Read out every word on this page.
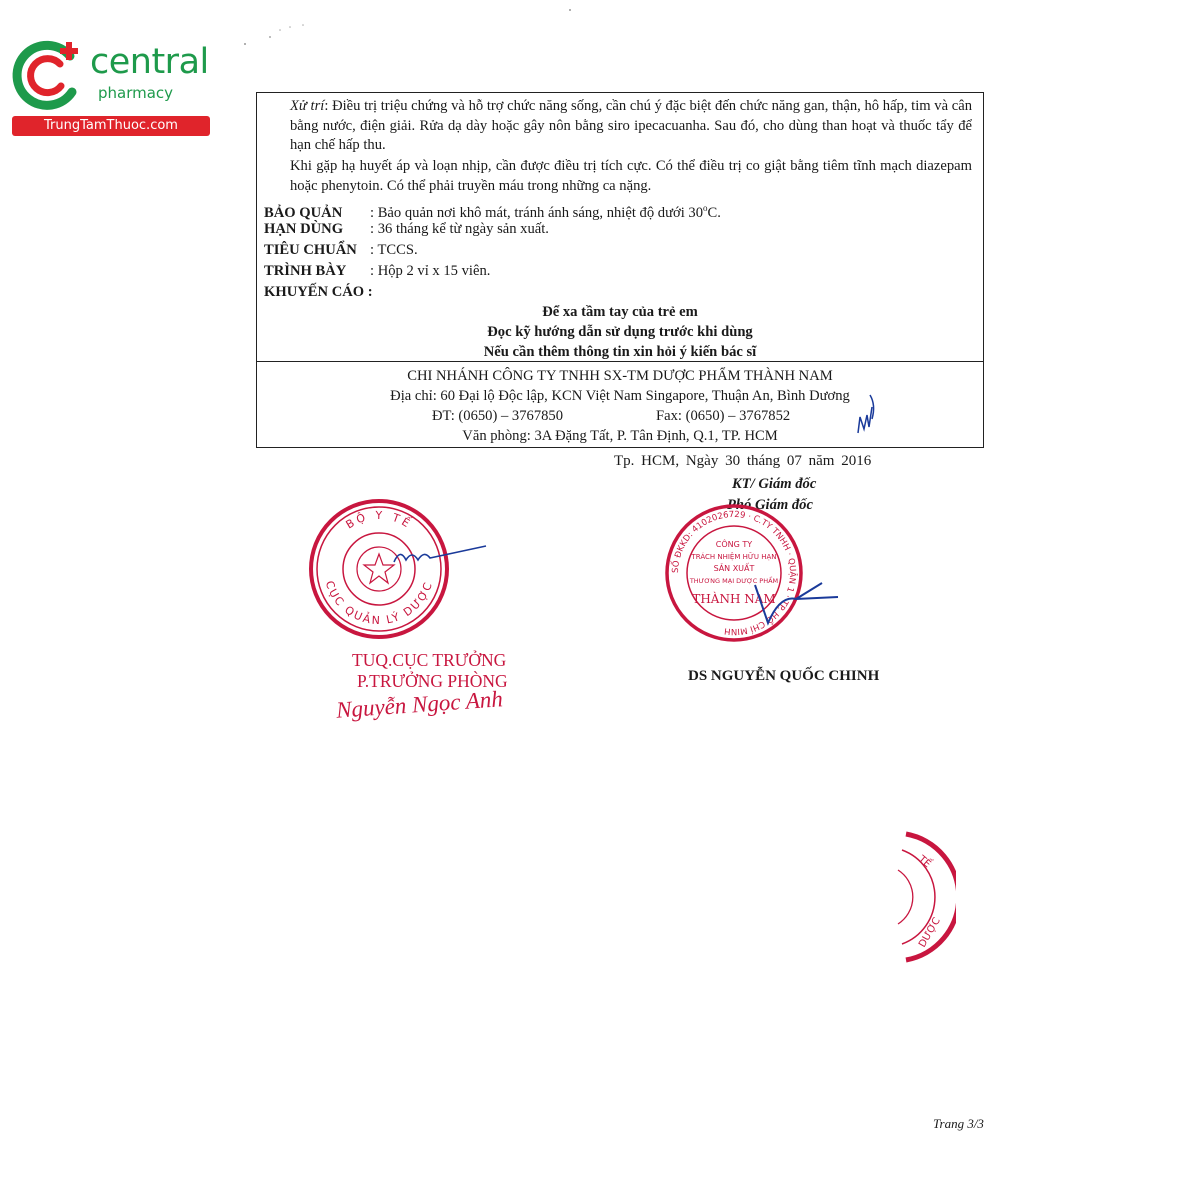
central
pharmacy
TrungTamThuoc.com
Xử trí: Điều trị triệu chứng và hỗ trợ chức năng sống, cần chú ý đặc biệt đến chức năng gan, thận, hô hấp, tim và cân bằng nước, điện giải. Rửa dạ dày hoặc gây nôn bằng siro ipecacuanha. Sau đó, cho dùng than hoạt và thuốc tẩy để hạn chế hấp thu.
Khi gặp hạ huyết áp và loạn nhịp, cần được điều trị tích cực. Có thể điều trị co giật bằng tiêm tĩnh mạch diazepam hoặc phenytoin. Có thể phải truyền máu trong những ca nặng.
BẢO QUẢN : Bảo quản nơi khô mát, tránh ánh sáng, nhiệt độ dưới 30$^o$C.
HẠN DÙNG : 36 tháng kể từ ngày sản xuất.
TIÊU CHUẨN : TCCS.
TRÌNH BÀY : Hộp 2 vỉ x 15 viên.
KHUYẾN CÁO :
Để xa tầm tay của trẻ em
Đọc kỹ hướng dẫn sử dụng trước khi dùng
Nếu cần thêm thông tin xin hỏi ý kiến bác sĩ
CHI NHÁNH CÔNG TY TNHH SX-TM DƯỢC PHẨM THÀNH NAM
Địa chỉ: 60 Đại lộ Độc lập, KCN Việt Nam Singapore, Thuận An, Bình Dương
ĐT: (0650) – 3767850	Fax: (0650) – 3767852
Văn phòng: 3A Đặng Tất, P. Tân Định, Q.1, TP. HCM
Tp. HCM, Ngày 30 tháng 07 năm 2016
KT/ Giám đốc
Phó Giám đốc
BỘ Y TẾ
CỤC QUẢN LÝ DƯỢC
TUQ.CỤC TRƯỞNG
P.TRƯỞNG PHÒNG
Nguyễn Ngọc Anh
SỐ ĐKKD: 4102026729 · C.TY TNHH · QUẬN 1 · TP. HỒ CHÍ MINH
CÔNG TY
TRÁCH NHIỆM HỮU HẠN
SẢN XUẤT
THƯƠNG MẠI DƯỢC PHẨM
THÀNH NAM
DS NGUYỄN QUỐC CHINH
TẾ
DƯỢC
Trang 3/3
